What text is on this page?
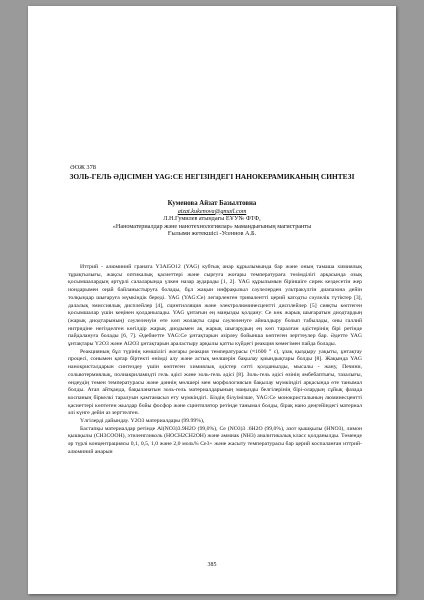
ӘОЖ 378
ЗОЛЬ-ГЕЛЬ ӘДІСІМЕН YAG:CE НЕГІЗІНДЕГІ НАНОКЕРАМИКАНЫҢ СИНТЕЗІ
Куменова Айзат Базылтовна
aizat.kukenova@gmail.com
Л.Н.Гумилев атындағы ЕҰУ№ ФТФ,
«Наноматериалдар және нанотехнологиялар» мамандығының магистранты
Ғылыми жетекшісі -Усеннов А.Б.

Иттрий - алюминий граната Y3Al5O12 (YAG) кубтық анар құрылымында бар және оның тамаша химиялық тұрақтылығы, жақсы оптикалық қасиеттері және сырғуға жоғары температураға төзімділігі арқасында озық қосымшалардың әртүрлі салаларында үлкен назар аударады [1, 2]. YAG құрылымын біріншіге сирек кездесетін жер иондарымен оңай байланыстыруға болады, бұл жақын инфрақызыл сәулелерден ультракүлгін диапазона дейін толқындар шығаруға мүмкіндік береді. YAG (YAG:Ce) легирленген триваленттi церий катодты сәулелік түтіктер [3], далалық эмиссиялық дисплейлер [4], сцинтилляция және электролюминесценттi дисплейлер [5] сияқты көптеген қосымшалар үшін кеңінен қолданылады. YAG ұнтағын ең маңызды қолдану: Ce көк жарық шығаратын диодтардың (жарық диодтарының) сәулеленуін өте көп жолақты сары сәулеленуге айналдыру болып табылады, оны галлий нитридіне негізделген көгілдір жарық диодымен ақ жарық шығарудың ең көп таралған әдістерінің бірі ретінде пайдалануға болады [6, 7]. Әдебиетте YAG:Ce ұнтақтарын әзірлеу бойынша көптеген зерттеулер бар. Әдетте YAG ұнтақтары Y2O3 және Al2O3 ұнтақтарын араластыру арқылы қатты күйдегі реакция көмегімен пайда болады.

Реакцияның бұл түрінің кемшілігі жоғары реакция температурасы (≈1600 ° с), ұзақ қыздыру уақыты, ұнтақтау процесі, сонымен қатар біртекті өнімді алу және астық мөлшерін бақылау қиындықтары болды [8]. Жақында YAG нанокристалдарын синтездеу үшін көптеген химиялық әдістер сәтті қолданылды, мысалы - жану, Печини, сольвотермиялық, полиакриламидті гель әдісі және золь-гель әдісі [8]. Золь-гель әдісі өзінің әмбебаптығы, тазалығы, өндеудің төмен температурасы және дәннің мөлшері мен морфологиясын бақылау мүмкіндігі арқасында өте танымал болды. Атап айтқанда, бақыланатын золь-гель материалдарының маңызды белгілерінің бірі-олардың сұйық фазада коспаның біркелкі таралуын қамтамасыз ету мүмкіндігі. Біздің білуімізше, YAG:Ce монокристалының люминесценттi қасиеттерi көптеген жылдар бойы фосфор және сцинтилятор ретінде танымал болды, бірақ нано деңгейіндегі материал әлі күнге дейін аз зерттелген.

Үлгілерді дайындау. Y2O3 материалдары (99.99%),

Бастапқы материалдар ретінде Al(NO3)3.9H2O (99,0%), Ce (NO3)3 .6H2O (99,0%), азот қышқылы (HNO3), лимон қышқылы (CH3COOH), этиленгликоль (HOCH2CH2OH) және аммиак (NH3) аналитикалық класс қолданылды. Төменде әр түрлі концентрациясы 0,1, 0,5, 1,0 және 2,0 моль% Ce3+ және жасыту температурасы бар церий коспаланған иттрий-алюминий анарын

385
